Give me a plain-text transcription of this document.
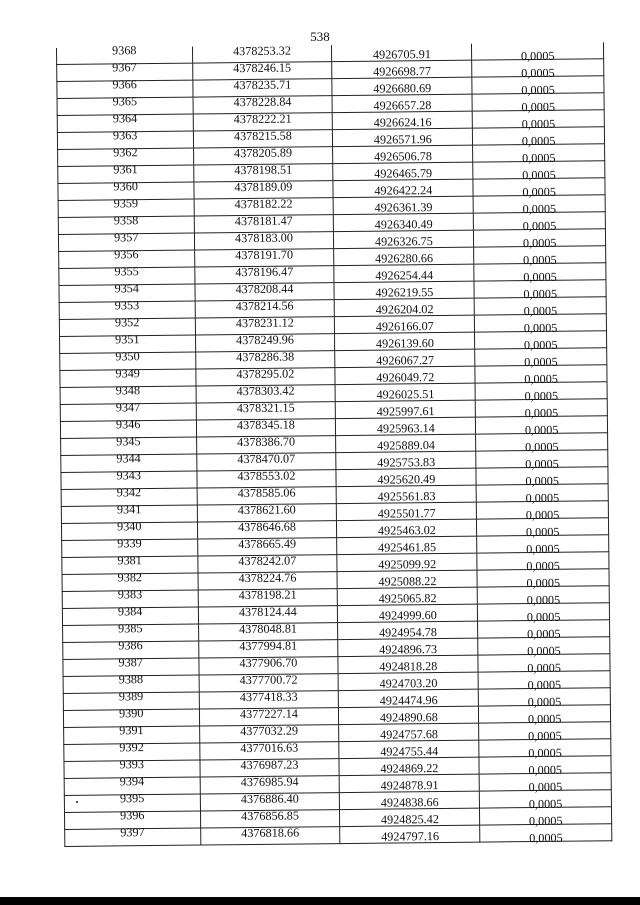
538
9368	4378253.32	4926705.91	0,0005
9367	4378246.15	4926698.77	0,0005
9366	4378235.71	4926680.69	0,0005
9365	4378228.84	4926657.28	0,0005
9364	4378222.21	4926624.16	0,0005
9363	4378215.58	4926571.96	0,0005
9362	4378205.89	4926506.78	0,0005
9361	4378198.51	4926465.79	0,0005
9360	4378189.09	4926422.24	0,0005
9359	4378182.22	4926361.39	0,0005
9358	4378181.47	4926340.49	0,0005
9357	4378183.00	4926326.75	0,0005
9356	4378191.70	4926280.66	0,0005
9355	4378196.47	4926254.44	0,0005
9354	4378208.44	4926219.55	0,0005
9353	4378214.56	4926204.02	0,0005
9352	4378231.12	4926166.07	0,0005
9351	4378249.96	4926139.60	0,0005
9350	4378286.38	4926067.27	0,0005
9349	4378295.02	4926049.72	0,0005
9348	4378303.42	4926025.51	0,0005
9347	4378321.15	4925997.61	0,0005
9346	4378345.18	4925963.14	0,0005
9345	4378386.70	4925889.04	0,0005
9344	4378470.07	4925753.83	0,0005
9343	4378553.02	4925620.49	0,0005
9342	4378585.06	4925561.83	0,0005
9341	4378621.60	4925501.77	0,0005
9340	4378646.68	4925463.02	0,0005
9339	4378665.49	4925461.85	0,0005
9381	4378242.07	4925099.92	0,0005
9382	4378224.76	4925088.22	0,0005
9383	4378198.21	4925065.82	0,0005
9384	4378124.44	4924999.60	0,0005
9385	4378048.81	4924954.78	0,0005
9386	4377994.81	4924896.73	0,0005
9387	4377906.70	4924818.28	0,0005
9388	4377700.72	4924703.20	0,0005
9389	4377418.33	4924474.96	0,0005
9390	4377227.14	4924890.68	0,0005
9391	4377032.29	4924757.68	0,0005
9392	4377016.63	4924755.44	0,0005
9393	4376987.23	4924869.22	0,0005
9394	4376985.94	4924878.91	0,0005
9395	4376886.40	4924838.66	0,0005
9396	4376856.85	4924825.42	0,0005
9397	4376818.66	4924797.16	0,0005
